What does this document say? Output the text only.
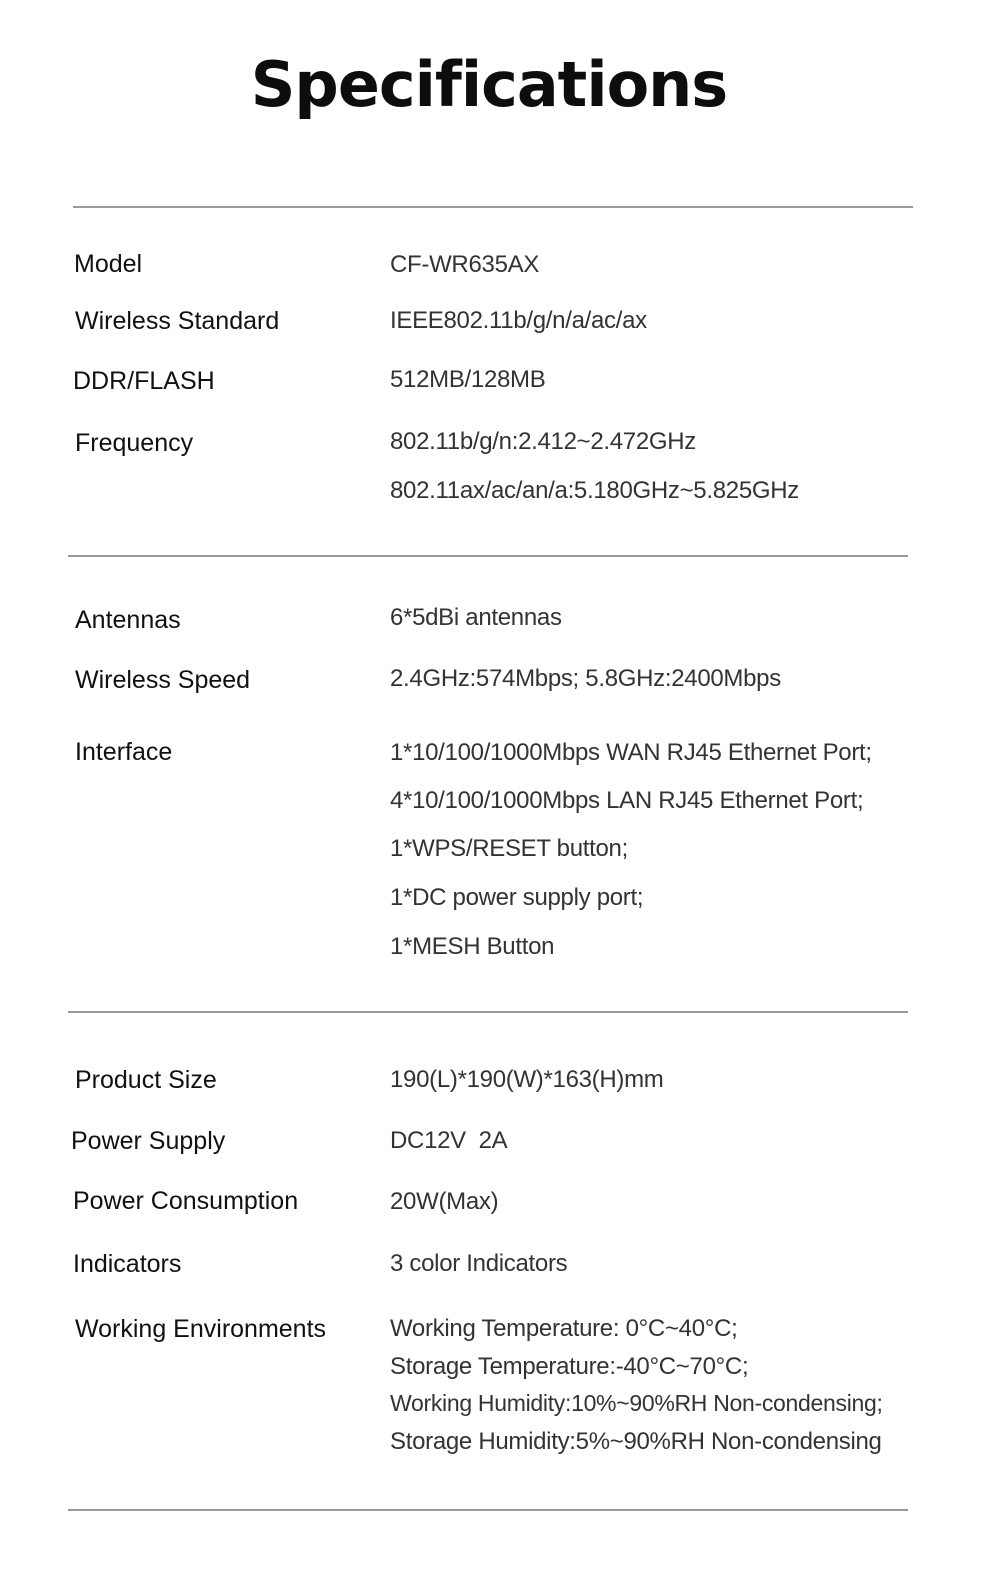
Specifications
Model	CF-WR635AX
Wireless Standard	IEEE802.11b/g/n/a/ac/ax
DDR/FLASH	512MB/128MB
Frequency	802.11b/g/n:2.412~2.472GHz
802.11ax/ac/an/a:5.180GHz~5.825GHz
Antennas	6*5dBi antennas
Wireless Speed	2.4GHz:574Mbps; 5.8GHz:2400Mbps
Interface	1*10/100/1000Mbps WAN RJ45 Ethernet Port;
4*10/100/1000Mbps LAN RJ45 Ethernet Port;
1*WPS/RESET button;
1*DC power supply port;
1*MESH Button
Product Size	190(L)*190(W)*163(H)mm
Power Supply	DC12V  2A
Power Consumption	20W(Max)
Indicators	3 color Indicators
Working Environments	Working Temperature: 0°C~40°C;
Storage Temperature:-40°C~70°C;
Working Humidity:10%~90%RH Non-condensing;
Storage Humidity:5%~90%RH Non-condensing
